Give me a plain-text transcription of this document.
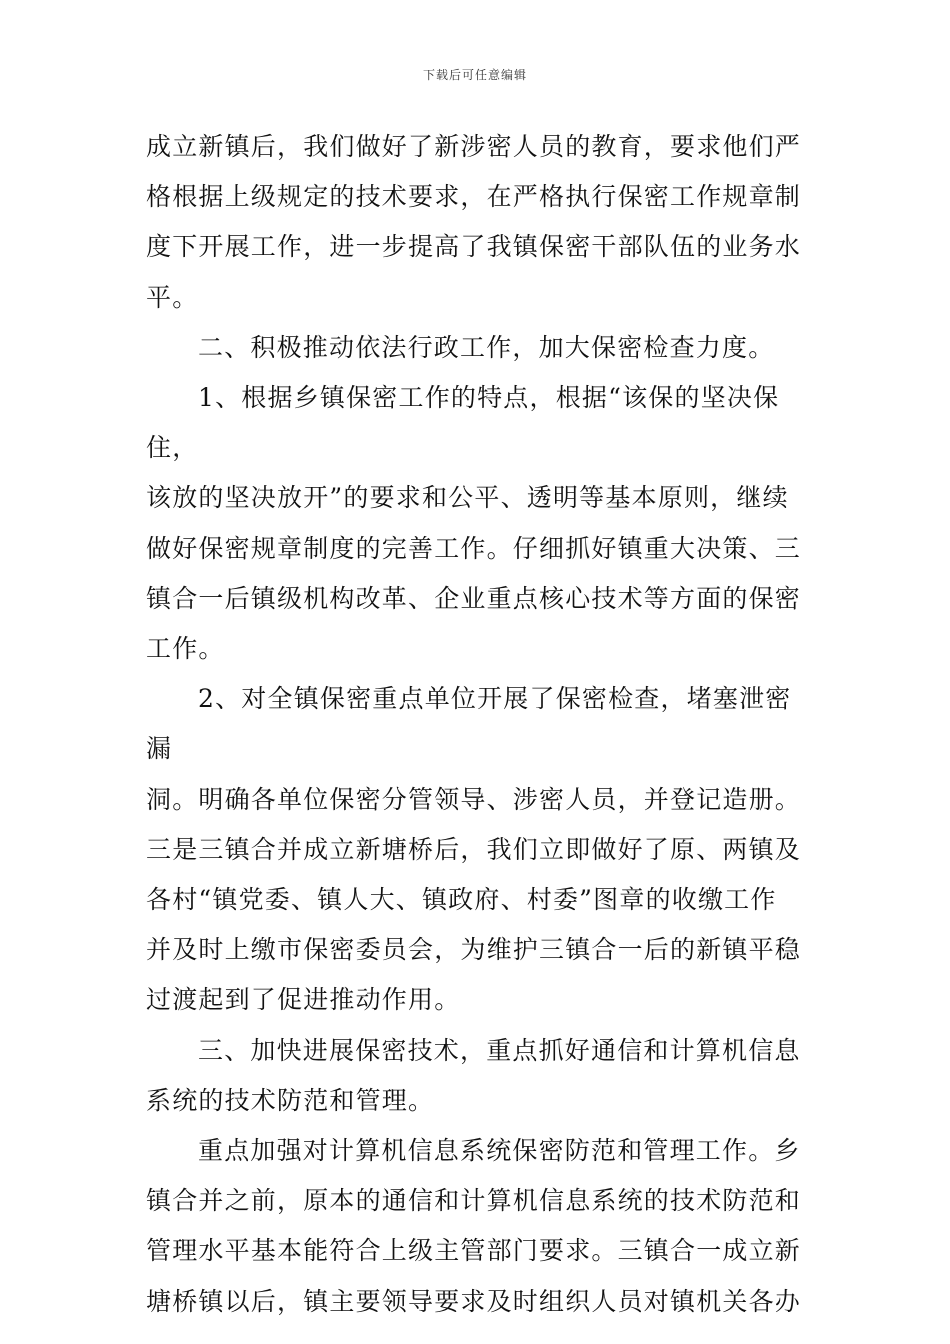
下载后可任意编辑
成立新镇后，我们做好了新涉密人员的教育，要求他们严
格根据上级规定的技术要求，在严格执行保密工作规章制
度下开展工作，进一步提高了我镇保密干部队伍的业务水
平。
二、积极推动依法行政工作，加大保密检查力度。
1、根据乡镇保密工作的特点，根据“该保的坚决保住，
该放的坚决放开”的要求和公平、透明等基本原则，继续
做好保密规章制度的完善工作。仔细抓好镇重大决策、三
镇合一后镇级机构改革、企业重点核心技术等方面的保密
工作。
2、对全镇保密重点单位开展了保密检查，堵塞泄密漏
洞。明确各单位保密分管领导、涉密人员，并登记造册。
三是三镇合并成立新塘桥后，我们立即做好了原、两镇及
各村“镇党委、镇人大、镇政府、村委”图章的收缴工作
并及时上缴市保密委员会，为维护三镇合一后的新镇平稳
过渡起到了促进推动作用。
三、加快进展保密技术，重点抓好通信和计算机信息
系统的技术防范和管理。
重点加强对计算机信息系统保密防范和管理工作。乡
镇合并之前，原本的通信和计算机信息系统的技术防范和
管理水平基本能符合上级主管部门要求。三镇合一成立新
塘桥镇以后，镇主要领导要求及时组织人员对镇机关各办
